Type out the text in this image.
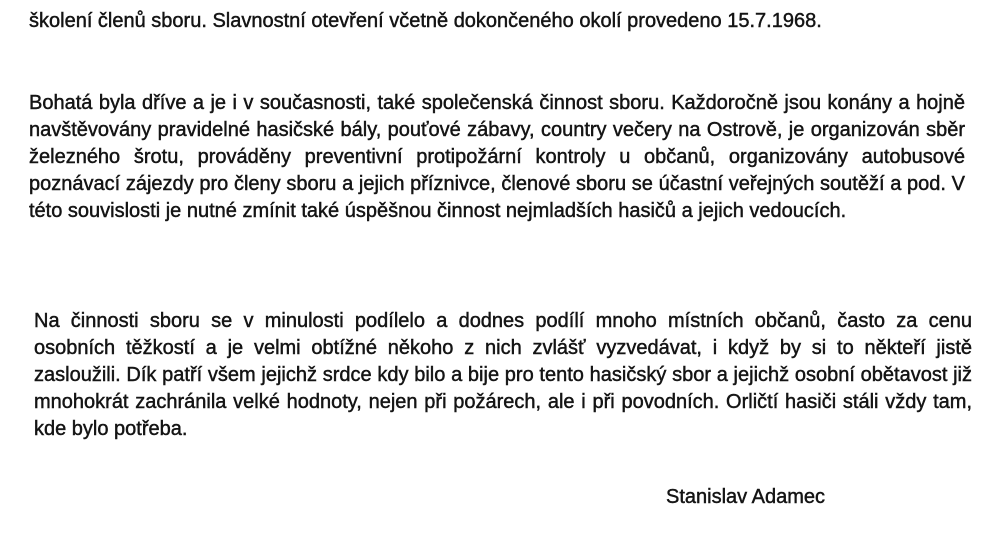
školení členů sboru. Slavnostní otevření včetně dokončeného okolí provedeno 15.7.1968.

Bohatá byla dříve a je i v současnosti, také společenská činnost sboru. Každoročně jsou konány a hojně navštěvovány pravidelné hasičské bály, pouťové zábavy, country večery na Ostrově, je organizován sběr železného šrotu, prováděny preventivní protipožární kontroly u občanů, organizovány autobusové poznávací zájezdy pro členy sboru a jejich příznivce, členové sboru se účastní veřejných soutěží a pod. V této souvislosti je nutné zmínit také úspěšnou činnost nejmladších hasičů a jejich vedoucích.

Na činnosti sboru se v minulosti podílelo a dodnes podílí mnoho místních občanů, často za cenu osobních těžkostí a je velmi obtížné někoho z nich zvlášť vyzvedávat, i když by si to někteří jistě zasloužili. Dík patří všem jejichž srdce kdy bilo a bije pro tento hasičský sbor a jejichž osobní obětavost již mnohokrát zachránila velké hodnoty, nejen při požárech, ale i při povodních. Orličtí hasiči stáli vždy tam, kde bylo potřeba.

Stanislav Adamec
